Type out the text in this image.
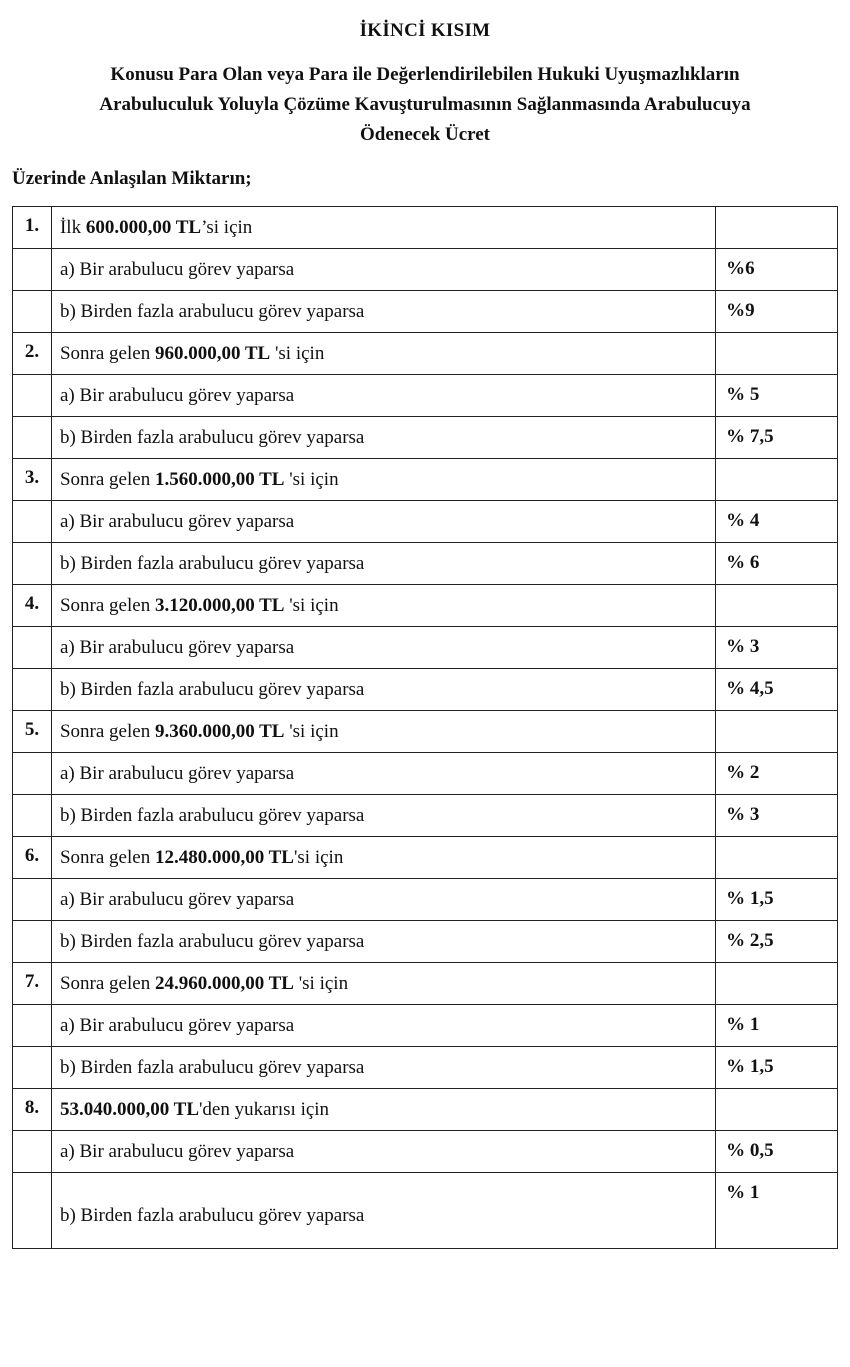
İKİNCİ KISIM
Konusu Para Olan veya Para ile Değerlendirilebilen Hukuki Uyuşmazlıkların
Arabuluculuk Yoluyla Çözüme Kavuşturulmasının Sağlanmasında Arabulucuya
Ödenecek Ücret
Üzerinde Anlaşılan Miktarın;
1.	İlk 600.000,00 TL’si için	
	a) Bir arabulucu görev yaparsa	%6
	b) Birden fazla arabulucu görev yaparsa	%9
2.	Sonra gelen 960.000,00 TL 'si için	
	a) Bir arabulucu görev yaparsa	% 5
	b) Birden fazla arabulucu görev yaparsa	% 7,5
3.	Sonra gelen 1.560.000,00 TL 'si için	
	a) Bir arabulucu görev yaparsa	% 4
	b) Birden fazla arabulucu görev yaparsa	% 6
4.	Sonra gelen 3.120.000,00 TL 'si için	
	a) Bir arabulucu görev yaparsa	% 3
	b) Birden fazla arabulucu görev yaparsa	% 4,5
5.	Sonra gelen 9.360.000,00 TL 'si için	
	a) Bir arabulucu görev yaparsa	% 2
	b) Birden fazla arabulucu görev yaparsa	% 3
6.	Sonra gelen 12.480.000,00 TL'si için	
	a) Bir arabulucu görev yaparsa	% 1,5
	b) Birden fazla arabulucu görev yaparsa	% 2,5
7.	Sonra gelen 24.960.000,00 TL 'si için	
	a) Bir arabulucu görev yaparsa	% 1
	b) Birden fazla arabulucu görev yaparsa	% 1,5
8.	53.040.000,00 TL'den yukarısı için	
	a) Bir arabulucu görev yaparsa	% 0,5
	b) Birden fazla arabulucu görev yaparsa	% 1
